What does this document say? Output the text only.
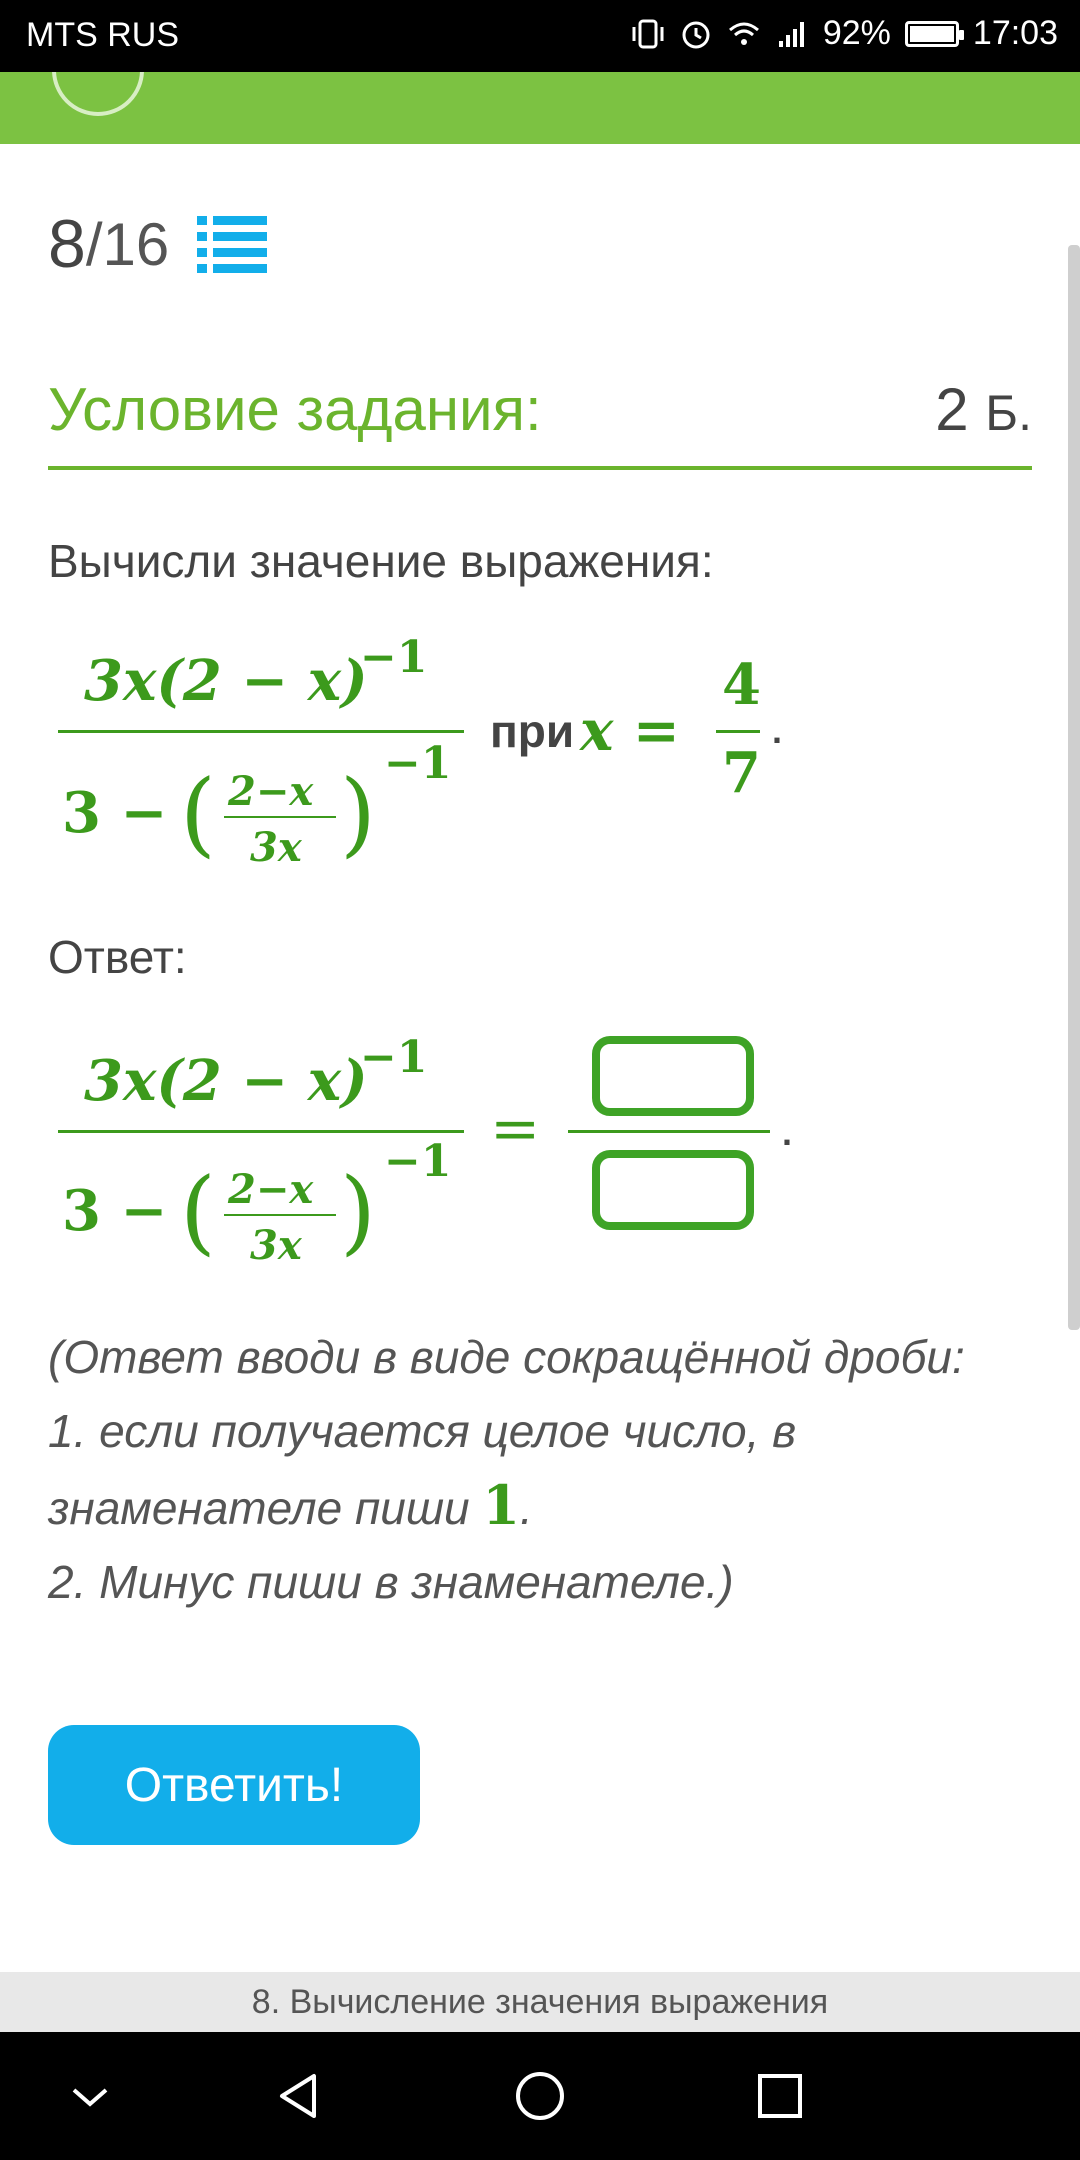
MTS RUS	92% 17:03
8 / 16
Условие задания:	2 Б.
Вычисли значение выражения:
3x(2 − x)
−1
3 − ( 2−x
3x ) −1
при x =
4
7
.
Ответ:
3x(2 − x)
−1
3 − ( 2−x
3x ) −1 =	.
(Ответ вводи в виде сокращённой дроби:
1. если получается целое число, в
знаменателе пиши 1.
2. Минус пиши в знаменателе.)
Ответить!
8. Вычисление значения выражения
